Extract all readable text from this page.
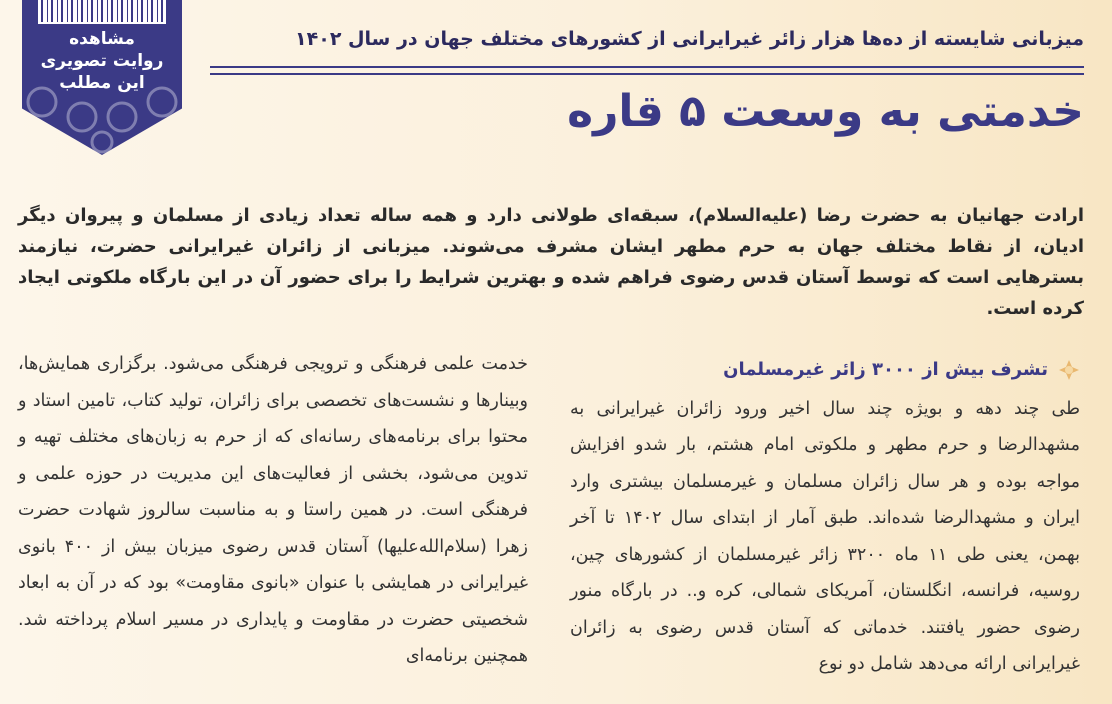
مشاهده
روایت تصویری
این مطلب
میزبانی شایسته از ده‌ها هزار زائر غیرایرانی از کشورهای مختلف جهان در سال ۱۴۰۲
خدمتی به وسعت ۵ قاره
ارادت جهانیان به حضرت رضا (علیه‌السلام)، سبقه‌ای طولانی دارد و همه ساله تعداد زیادی از مسلمان و پیروان دیگر ادیان، از نقاط مختلف جهان به حرم مطهر ایشان مشرف می‌شوند. میزبانی از زائران غیرایرانی حضرت، نیازمند بسترهایی است که توسط آستان قدس رضوی فراهم شده و بهترین شرایط را برای حضور آن در این بارگاه ملکوتی ایجاد کرده است.
تشرف بیش از ۳۰۰۰ زائر غیرمسلمان
طی چند دهه و بویژه چند سال اخیر ورود زائران غیرایرانی به مشهدالرضا و حرم مطهر و ملکوتی امام هشتم، بار شدو افزایش مواجه بوده و هر سال زائران مسلمان و غیرمسلمان بیشتری وارد ایران و مشهدالرضا شده‌اند. طبق آمار از ابتدای سال ۱۴۰۲ تا آخر بهمن، یعنی طی ۱۱ ماه ۳۲۰۰ زائر غیرمسلمان از کشورهای چین، روسیه، فرانسه، انگلستان، آمریکای شمالی، کره و.. در بارگاه منور رضوی حضور یافتند. خدماتی که آستان قدس رضوی به زائران غیرایرانی ارائه می‌دهد شامل دو نوع
خدمت علمی فرهنگی و ترویجی فرهنگی می‌شود. برگزاری همایش‌ها، وبینارها و نشست‌های تخصصی برای زائران، تولید کتاب، تامین استاد و محتوا برای برنامه‌های رسانه‌ای که از حرم به زبان‌های مختلف تهیه و تدوین می‌شود، بخشی از فعالیت‌های این مدیریت در حوزه علمی و فرهنگی است. در همین راستا و به مناسبت سالروز شهادت حضرت زهرا (سلام‌الله‌علیها) آستان قدس رضوی میزبان بیش از ۴۰۰ بانوی غیرایرانی در همایشی با عنوان «بانوی مقاومت» بود که در آن به ابعاد شخصیتی حضرت در مقاومت و پایداری در مسیر اسلام پرداخته شد. همچنین برنامه‌ای
